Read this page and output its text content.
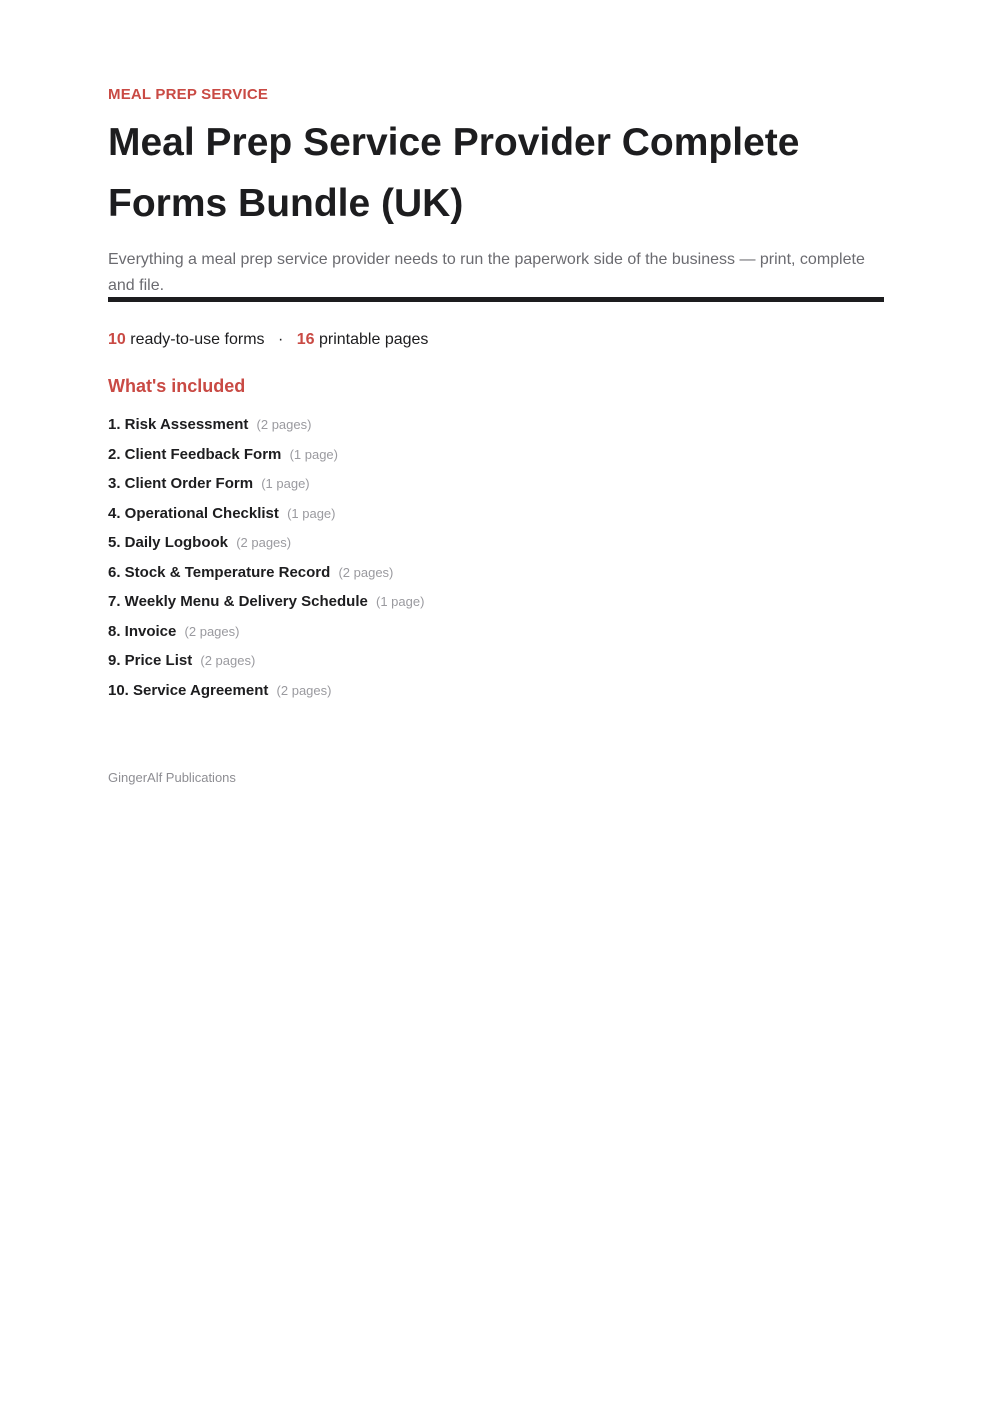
MEAL PREP SERVICE
Meal Prep Service Provider Complete Forms Bundle (UK)

Everything a meal prep service provider needs to run the paperwork side of the business — print, complete and file.

10 ready-to-use forms · 16 printable pages
What's included
1. Risk Assessment (2 pages)
2. Client Feedback Form (1 page)
3. Client Order Form (1 page)
4. Operational Checklist (1 page)
5. Daily Logbook (2 pages)
6. Stock & Temperature Record (2 pages)
7. Weekly Menu & Delivery Schedule (1 page)
8. Invoice (2 pages)
9. Price List (2 pages)
10. Service Agreement (2 pages)
GingerAlf Publications
